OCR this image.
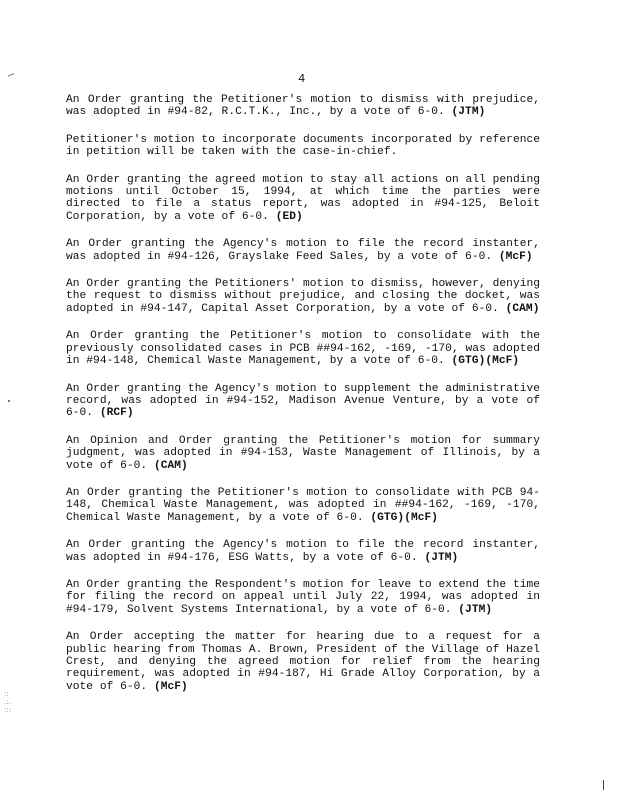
∼
::
.:.
:::
4

An Order granting the Petitioner's motion to dismiss with prejudice, was adopted in #94-82, R.C.T.K., Inc., by a vote of 6-0. (JTM)

Petitioner's motion to incorporate documents incorporated by reference in petition will be taken with the case-in-chief.

An Order granting the agreed motion to stay all actions on all pending motions until October 15, 1994, at which time the parties were directed to file a status report, was adopted in #94-125, Beloit Corporation, by a vote of 6-0. (ED)

An Order granting the Agency's motion to file the record instanter, was adopted in #94-126, Grayslake Feed Sales, by a vote of 6-0. (McF)

An Order granting the Petitioners' motion to dismiss, however, denying the request to dismiss without prejudice, and closing the docket, was adopted in #94-147, Capital Asset Corporation, by a vote of 6-0. (CAM)

An Order granting the Petitioner's motion to consolidate with the previously consolidated cases in PCB ##94-162, -169, -170, was adopted in #94-148, Chemical Waste Management, by a vote of 6-0. (GTG)(McF)

An Order granting the Agency's motion to supplement the administrative record, was adopted in #94-152, Madison Avenue Venture, by a vote of 6-0. (RCF)

An Opinion and Order granting the Petitioner's motion for summary judgment, was adopted in #94-153, Waste Management of Illinois, by a vote of 6-0. (CAM)

An Order granting the Petitioner's motion to consolidate with PCB 94-148, Chemical Waste Management, was adopted in ##94-162, -169, -170, Chemical Waste Management, by a vote of 6-0. (GTG)(McF)

An Order granting the Agency's motion to file the record instanter, was adopted in #94-176, ESG Watts, by a vote of 6-0. (JTM)

An Order granting the Respondent's motion for leave to extend the time for filing the record on appeal until July 22, 1994, was adopted in #94-179, Solvent Systems International, by a vote of 6-0. (JTM)

An Order accepting the matter for hearing due to a request for a public hearing from Thomas A. Brown, President of the Village of Hazel Crest, and denying the agreed motion for relief from the hearing requirement, was adopted in #94-187, Hi Grade Alloy Corporation, by a vote of 6-0. (McF)
